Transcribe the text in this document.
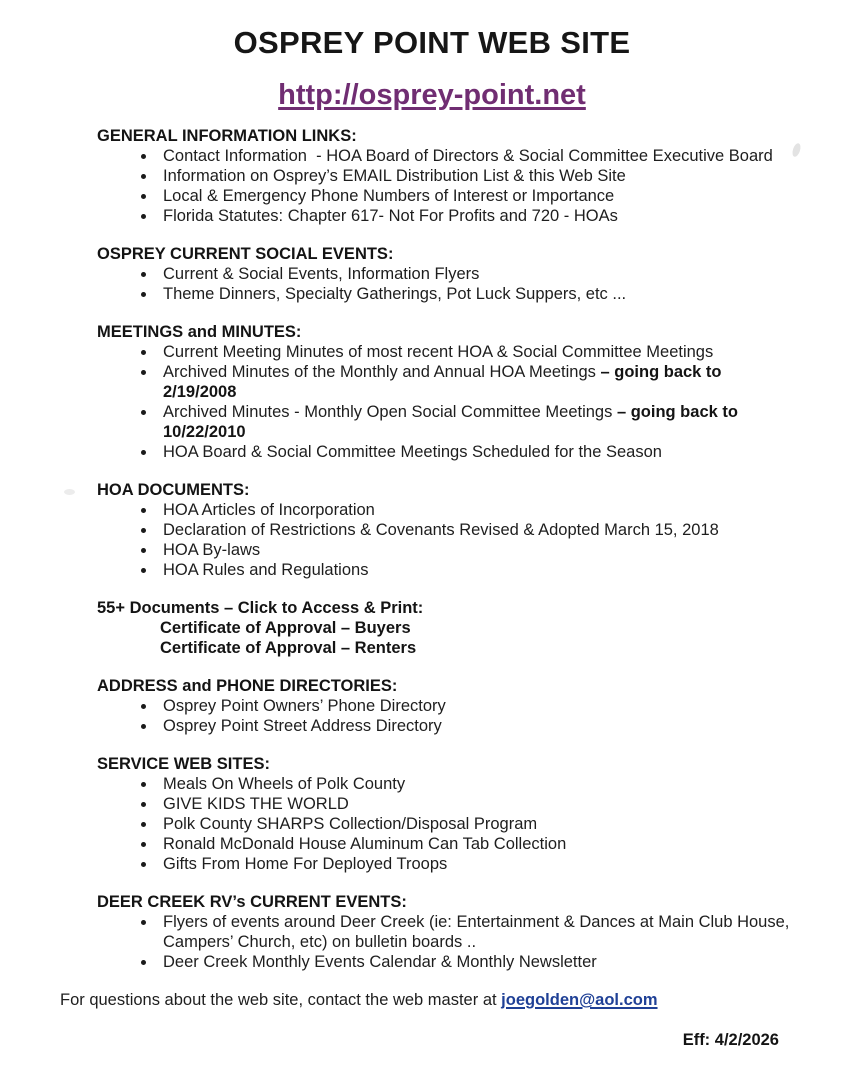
OSPREY POINT WEB SITE

http://osprey-point.net
GENERAL INFORMATION LINKS:
Contact Information  - HOA Board of Directors & Social Committee Executive Board
Information on Osprey’s EMAIL Distribution List & this Web Site
Local & Emergency Phone Numbers of Interest or Importance
Florida Statutes: Chapter 617- Not For Profits and 720 - HOAs
OSPREY CURRENT SOCIAL EVENTS:
Current & Social Events, Information Flyers
Theme Dinners, Specialty Gatherings, Pot Luck Suppers, etc ...
MEETINGS and MINUTES:
Current Meeting Minutes of most recent HOA & Social Committee Meetings
Archived Minutes of the Monthly and Annual HOA Meetings – going back to 2/19/2008
Archived Minutes - Monthly Open Social Committee Meetings – going back to 10/22/2010
HOA Board & Social Committee Meetings Scheduled for the Season
HOA DOCUMENTS:
HOA Articles of Incorporation
Declaration of Restrictions & Covenants Revised & Adopted March 15, 2018
HOA By-laws
HOA Rules and Regulations
55+ Documents – Click to Access & Print:
Certificate of Approval – Buyers
Certificate of Approval – Renters
ADDRESS and PHONE DIRECTORIES:
Osprey Point Owners’ Phone Directory
Osprey Point Street Address Directory
SERVICE WEB SITES:
Meals On Wheels of Polk County
GIVE KIDS THE WORLD
Polk County SHARPS Collection/Disposal Program
Ronald McDonald House Aluminum Can Tab Collection
Gifts From Home For Deployed Troops
DEER CREEK RV’s CURRENT EVENTS:
Flyers of events around Deer Creek (ie: Entertainment & Dances at Main Club House, Campers’ Church, etc) on bulletin boards ..
Deer Creek Monthly Events Calendar & Monthly Newsletter
For questions about the web site, contact the web master at joegolden@aol.com
Eff: 4/2/2026
